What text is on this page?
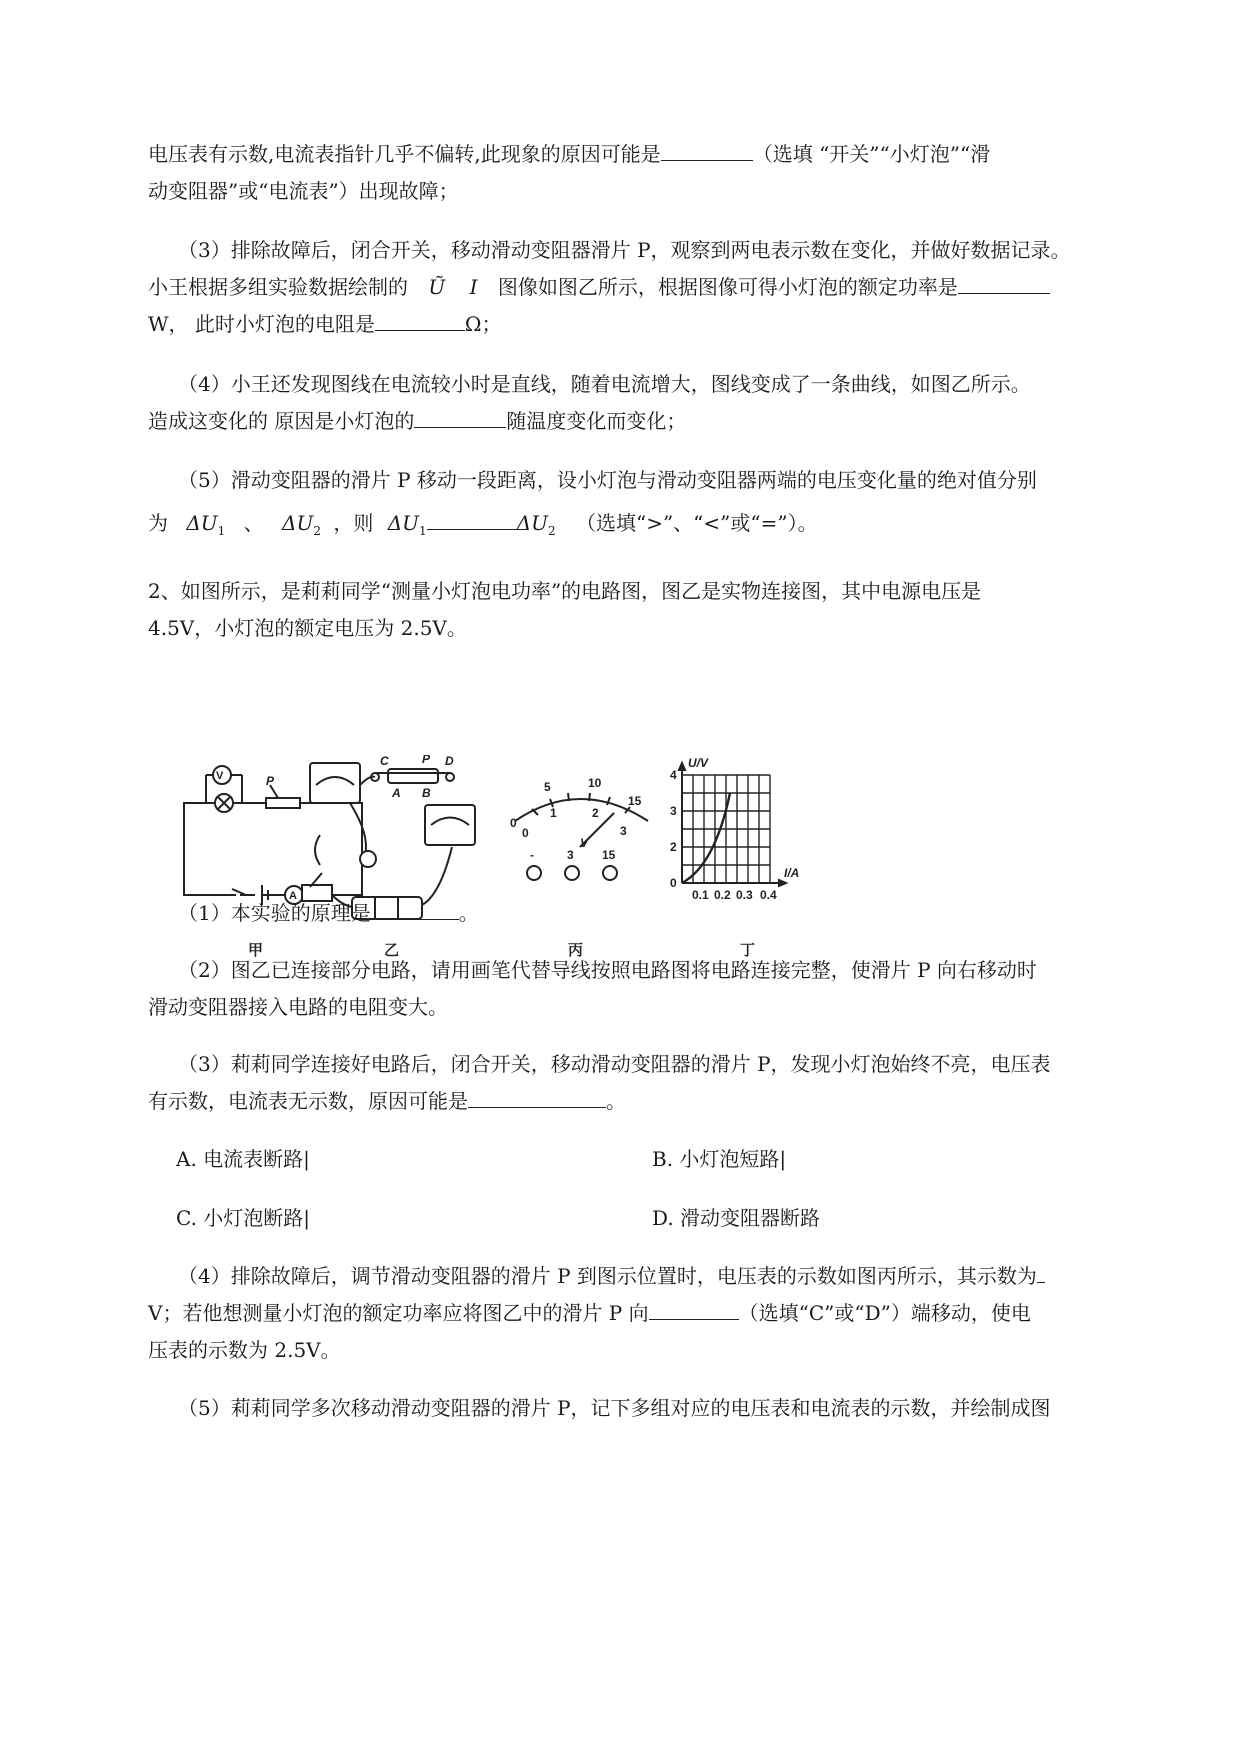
电压表有示数,电流表指针几乎不偏转,此现象的原因可能是	（选填 “开关”“小灯泡”“滑
动变阻器”或“电流表”）出现故障；
（3）排除故障后，闭合开关，移动滑动变阻器滑片 P，观察到两电表示数在变化，并做好数据记录。
小王根据多组实验数据绘制的 Ũ I 图像如图乙所示，根据图像可得小灯泡的额定功率是
W， 此时小灯泡的电阻是	Ω；
（4）小王还发现图线在电流较小时是直线，随着电流增大，图线变成了一条曲线，如图乙所示。
造成这变化的 原因是小灯泡的	随温度变化而变化；
（5）滑动变阻器的滑片 P 移动一段距离，设小灯泡与滑动变阻器两端的电压变化量的绝对值分别
为 $\Delta U_1$ 、 $\Delta U_2$ ，则 $\Delta U_1$	$\Delta U_2$ （选填“>”、“<”或“=”）。
2、如图所示，是莉莉同学“测量小灯泡电功率”的电路图，图乙是实物连接图，其中电源电压是
4.5V，小灯泡的额定电压为 2.5V。
V
A
P
C	P D
A B
0
5	10
15
0
1	2
3
V
-	3 15
U/V
I/A
4
3
2
0
0.1 0.2 0.3 0.4
甲	乙	丙	丁
（1）本实验的原理是	。
（2）图乙已连接部分电路，请用画笔代替导线按照电路图将电路连接完整，使滑片 P 向右移动时
滑动变阻器接入电路的电阻变大。
（3）莉莉同学连接好电路后，闭合开关，移动滑动变阻器的滑片 P，发现小灯泡始终不亮，电压表
有示数，电流表无示数，原因可能是	。
A. 电流表断路|	B. 小灯泡短路|
C. 小灯泡断路|	D. 滑动变阻器断路
（4）排除故障后，调节滑动变阻器的滑片 P 到图示位置时，电压表的示数如图丙所示，其示数为
V；若他想测量小灯泡的额定功率应将图乙中的滑片 P 向	（选填“C”或“D”）端移动，使电
压表的示数为 2.5V。
（5）莉莉同学多次移动滑动变阻器的滑片 P，记下多组对应的电压表和电流表的示数，并绘制成图
